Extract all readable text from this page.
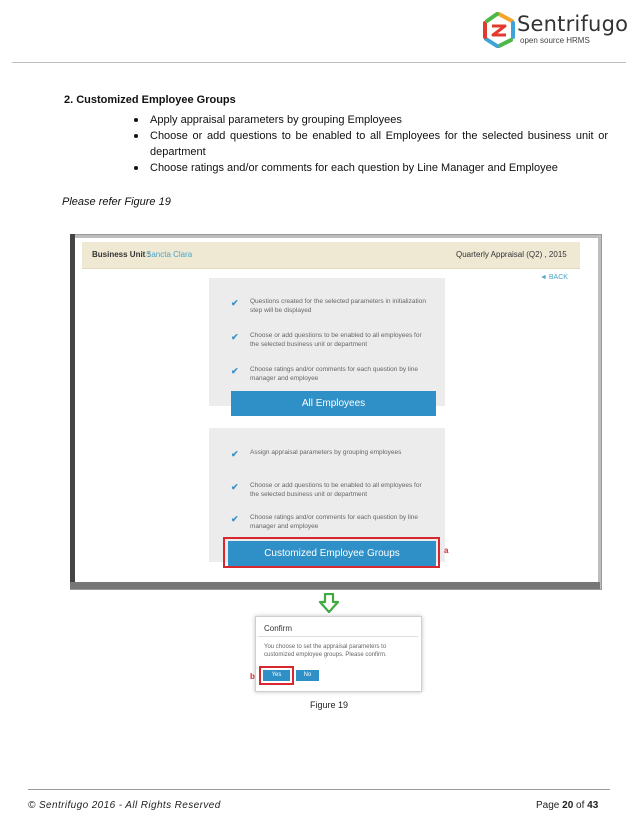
Sentrifugo
open source HRMS
2. Customized Employee Groups
Apply appraisal parameters by grouping Employees
Choose or add questions to be enabled to all Employees for the selected business unit or department
Choose ratings and/or comments for each question by Line Manager and Employee
Please refer Figure 19
Business Unit :
Sancta Clara	Quarterly Appraisal (Q2) , 2015
◄ BACK
✔	Questions created for the selected parameters in initialization step will be displayed
✔	Choose or add questions to be enabled to all employees for the selected business unit or department
✔	Choose ratings and/or comments for each question by line manager and employee
All Employees
✔	Assign appraisal parameters by grouping employees
✔	Choose or add questions to be enabled to all employees for the selected business unit or department
✔	Choose ratings and/or comments for each question by line manager and employee
Customized Employee Groups	a
Confirm
You choose to set the appraisal parameters to customized employee groups. Please confirm.
Yes	No
b
Figure 19
© Sentrifugo 2016 - All Rights Reserved	Page 20 of 43
